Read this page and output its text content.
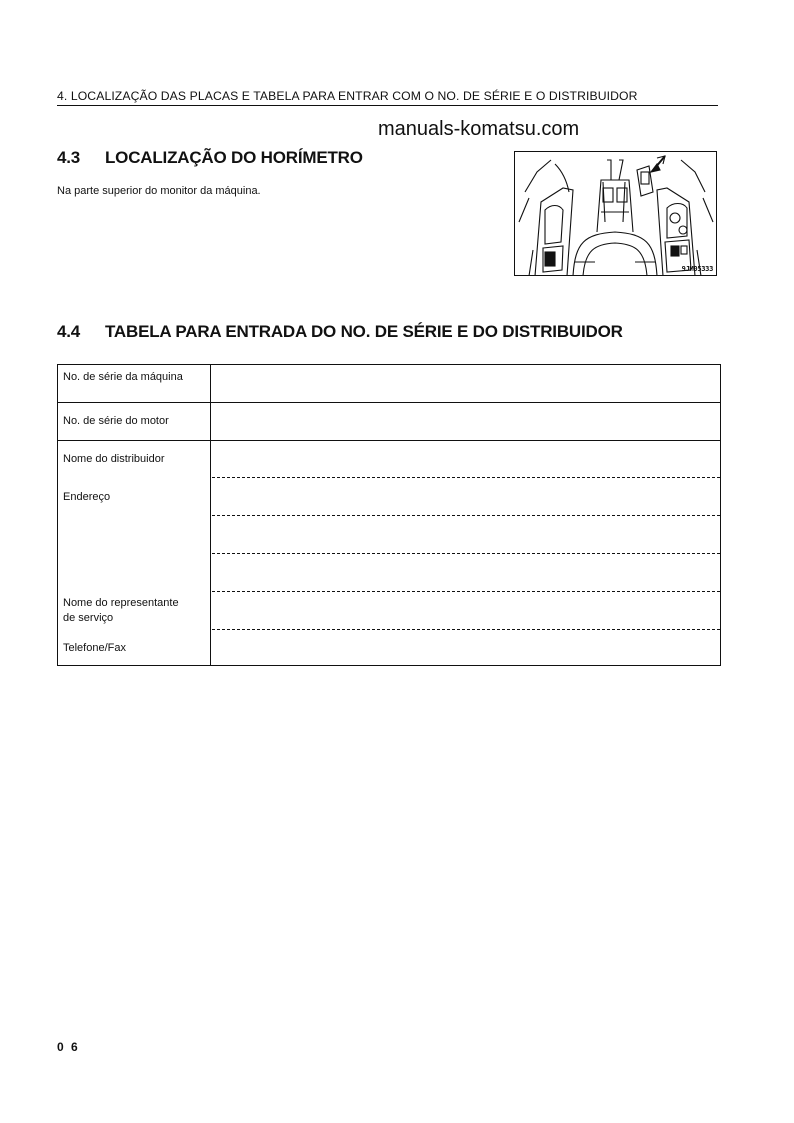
4. LOCALIZAÇÃO DAS PLACAS E TABELA PARA ENTRAR COM O NO. DE SÉRIE E O DISTRIBUIDOR
manuals-komatsu.com
4.3 LOCALIZAÇÃO DO HORÍMETRO
Na parte superior do monitor da máquina.
9JM05333
4.4 TABELA PARA ENTRADA DO NO. DE SÉRIE E DO DISTRIBUIDOR
No. de série da máquina
No. de série do motor
Nome do distribuidor
Endereço
Nome do representante
de serviço
Telefone/Fax
0 6
